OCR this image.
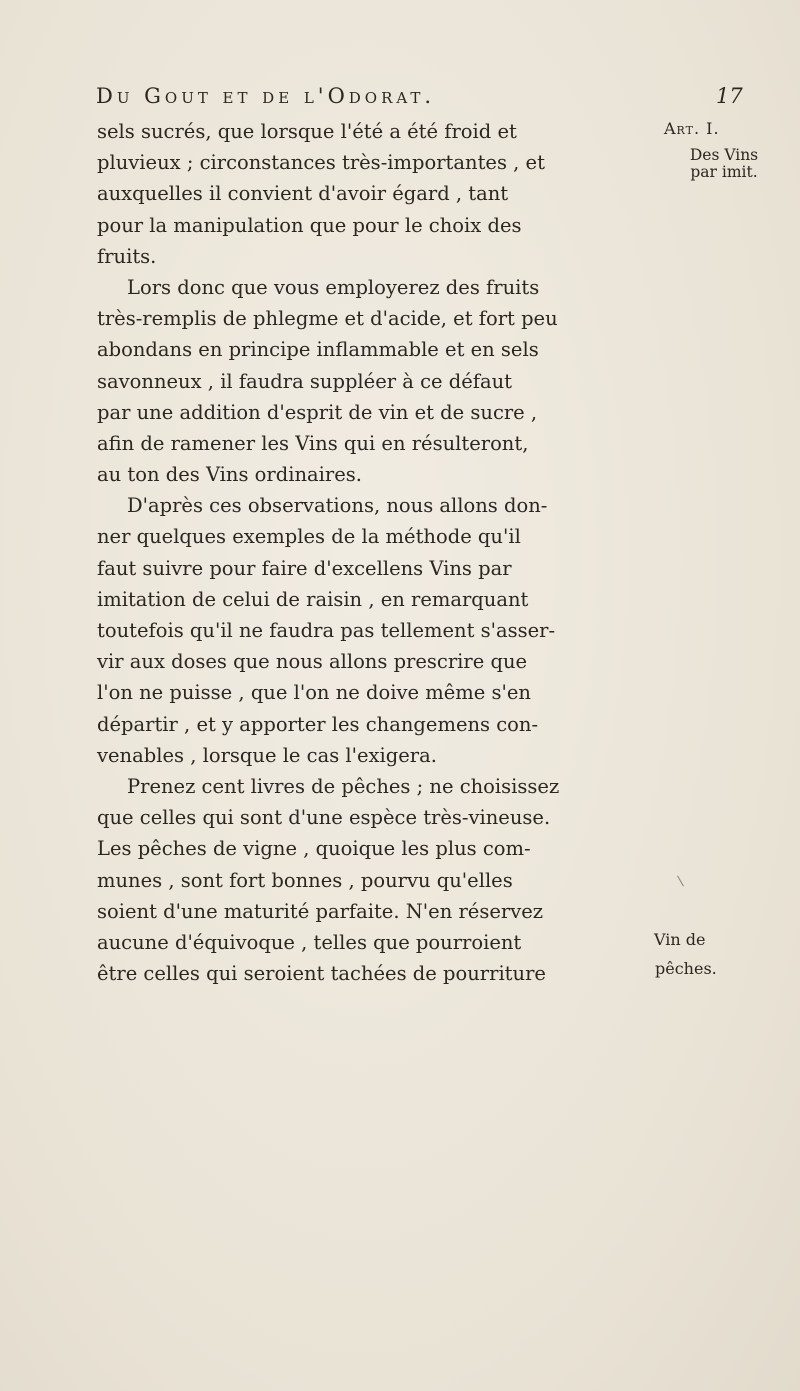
Du Gout et de l'Odorat.	17
Art. I.
Des Vins
par imit.
Vin de
pêches.
sels sucrés, que lorsque l'été a été froid et
pluvieux ; circonstances très-importantes , et
auxquelles il convient d'avoir égard , tant
pour la manipulation que pour le choix des
fruits.
Lors donc que vous employerez des fruits
très-remplis de phlegme et d'acide, et fort peu
abondans en principe inflammable et en sels
savonneux , il faudra suppléer à ce défaut
par une addition d'esprit de vin et de sucre ,
afin de ramener les Vins qui en résulteront,
au ton des Vins ordinaires.
D'après ces observations, nous allons don-
ner quelques exemples de la méthode qu'il
faut suivre pour faire d'excellens Vins par
imitation de celui de raisin , en remarquant
toutefois qu'il ne faudra pas tellement s'asser-
vir aux doses que nous allons prescrire que
l'on ne puisse , que l'on ne doive même s'en
départir , et y apporter les changemens con-
venables , lorsque le cas l'exigera.
Prenez cent livres de pêches ; ne choisissez
que celles qui sont d'une espèce très-vineuse.
Les pêches de vigne , quoique les plus com-
munes , sont fort bonnes , pourvu qu'elles
soient d'une maturité parfaite. N'en réservez
aucune d'équivoque , telles que pourroient
être celles qui seroient tachées de pourriture
